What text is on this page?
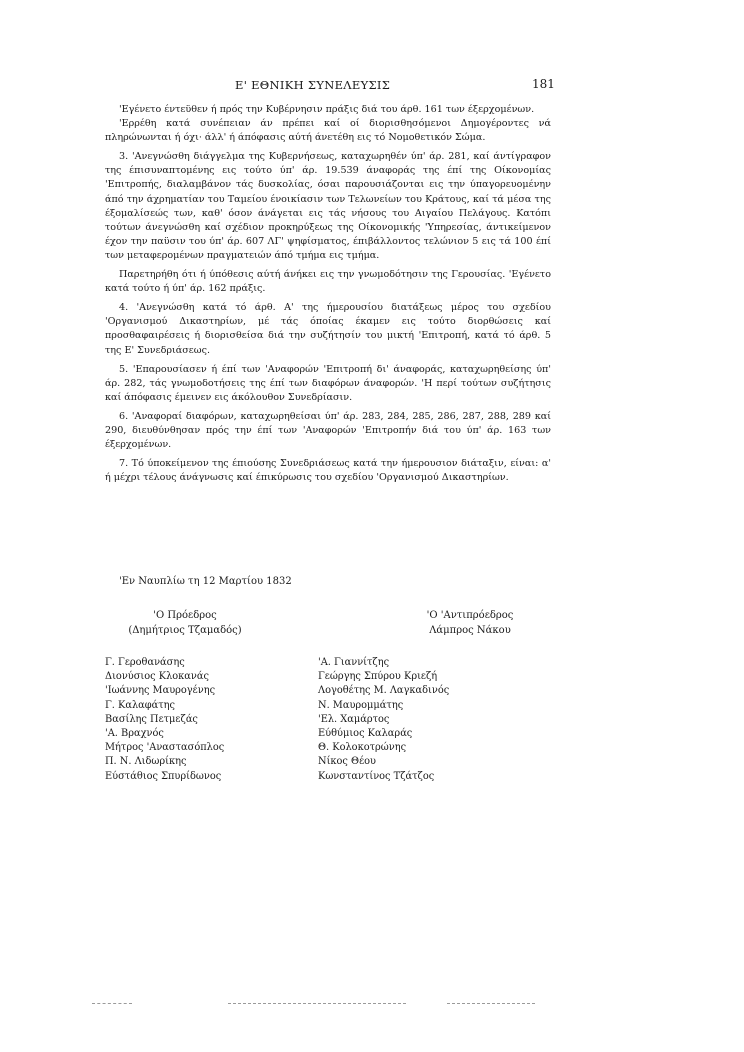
Ε' ΕΘΝΙΚΗ ΣΥΝΕΛΕΥΣΙΣ	181

'Εγένετο έντεϋθεν ή πρός την Κυβέρνησιν πράξις διά του άρθ. 161 των έξερχομένων.

'Ερρέθη κατά συνέπειαν άν πρέπει καί οί διορισθησόμενοι Δημογέροντες νά πληρώνωνται ή όχι· άλλ' ή άπόφασις αύτή άνετέθη εις τό Νομοθετικόν Σώμα.

3. 'Ανεγνώσθη διάγγελμα της Κυβερνήσεως, καταχωρηθέν ύπ' άρ. 281, καί άντίγραφον της έπισυναπτομένης εις τούτο ύπ' άρ. 19.539 άναφοράς της έπί της Οίκονομίας 'Επιτροπής, διαλαμβάνον τάς δυσκολίας, όσαι παρουσιάζονται εις την ύπαγορευομένην άπό την άχρηματίαν του Ταμείου ένοικίασιν των Τελωνείων του Κράτους, καί τά μέσα της έξομαλίσεώς των, καθ' όσον άνάγεται εις τάς νήσους του Αιγαίου Πελάγους. Κατόπι τούτων άνεγνώσθη καί σχέδιον προκηρύξεως της Οίκονομικής 'Υπηρεσίας, άντικείμενον έχον την παϋσιν του ύπ' άρ. 607 ΛΓ' ψηφίσματος, έπιβάλλοντος τελώνιον 5 εις τά 100 έπί των μεταφερομένων πραγματειών άπό τμήμα εις τμήμα.

Παρετηρήθη ότι ή ύπόθεσις αύτή άνήκει εις την γνωμοδότησιν της Γερουσίας. 'Εγένετο κατά τούτο ή ύπ' άρ. 162 πράξις.

4. 'Ανεγνώσθη κατά τό άρθ. Α' της ήμερουσίου διατάξεως μέρος του σχεδίου 'Οργανισμού Δικαστηρίων, μέ τάς όποίας έκαμεν εις τούτο διορθώσεις καί προσθαφαιρέσεις ή διορισθείσα διά την συζήτησίν του μικτή 'Επιτροπή, κατά τό άρθ. 5 της Ε' Συνεδριάσεως.

5. 'Επαρουσίασεν ή έπί των 'Αναφορών 'Επιτροπή δι' άναφοράς, καταχωρηθείσης ύπ' άρ. 282, τάς γνωμοδοτήσεις της έπί των διαφόρων άναφορών. 'Η περί τούτων συζήτησις καί άπόφασις έμεινεν εις άκόλουθον Συνεδρίασιν.

6. 'Αναφοραί διαφόρων, καταχωρηθείσαι ύπ' άρ. 283, 284, 285, 286, 287, 288, 289 καί 290, διευθύνθησαν πρός την έπί των 'Αναφορών 'Επιτροπήν διά του ύπ' άρ. 163 των έξερχομένων.

7. Τό ύποκείμενον της έπιούσης Συνεδριάσεως κατά την ήμερουσιον διάταξιν, είναι: α' ή μέχρι τέλους άνάγνωσις καί έπικύρωσις του σχεδίου 'Οργανισμού Δικαστηρίων.

'Εν Ναυπλίω τη 12 Μαρτίου 1832
'Ο Πρόεδρος
(Δημήτριος Τζαμαδός)
'Ο 'Αντιπρόεδρος
Λάμπρος Νάκου
Γ. Γεροθανάσης
Διονύσιος Κλοκανάς
'Ιωάννης Μαυρογένης
Γ. Καλαφάτης
Βασίλης Πετμεζάς
'Α. Βραχνός
Μήτρος 'Αναστασόπλος
Π. Ν. Λιδωρίκης
Εύστάθιος Σπυρίδωνος
'Α. Γιαννίτζης
Γεώργης Σπύρου Κριεζή
Λογοθέτης Μ. Λαγκαδινός
Ν. Μαυρομμάτης
'Ελ. Χαμάρτος
Εύθύμιος Καλαράς
Θ. Κολοκοτρώνης
Νίκος Θέου
Κωνσταντίνος Τζάτζος
